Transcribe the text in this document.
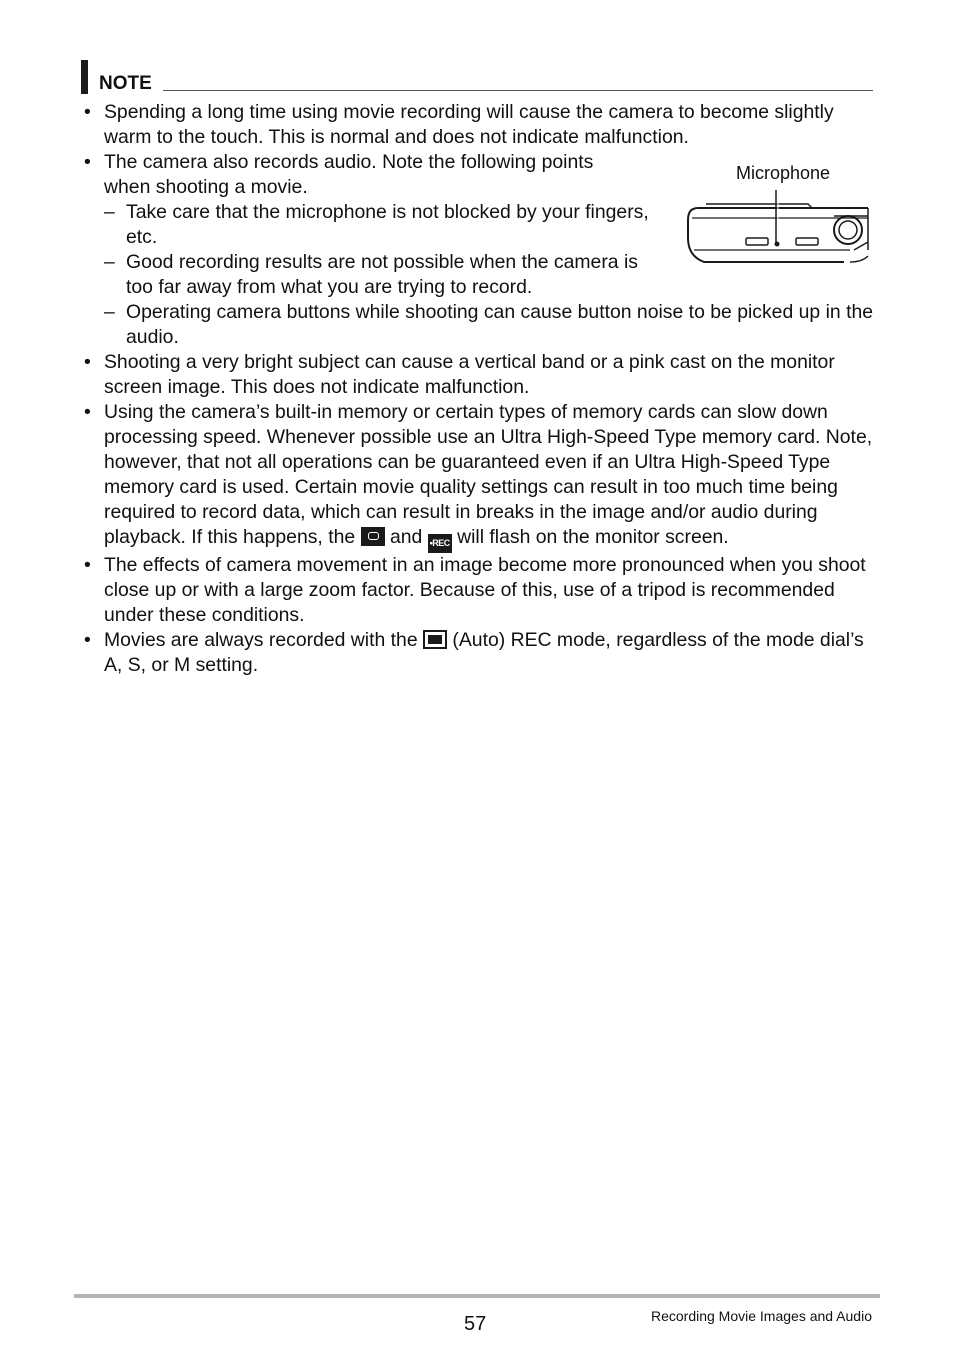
NOTE
Microphone
• Spending a long time using movie recording will cause the camera to become slightly warm to the touch. This is normal and does not indicate malfunction.
• The camera also records audio. Note the following points when shooting a movie.
– Take care that the microphone is not blocked by your fingers, etc.
– Good recording results are not possible when the camera is too far away from what you are trying to record.
– Operating camera buttons while shooting can cause button noise to be picked up in the audio.
• Shooting a very bright subject can cause a vertical band or a pink cast on the monitor screen image. This does not indicate malfunction.
• Using the camera’s built-in memory or certain types of memory cards can slow down processing speed. Whenever possible use an Ultra High-Speed Type memory card. Note, however, that not all operations can be guaranteed even if an Ultra High-Speed Type memory card is used. Certain movie quality settings can result in too much time being required to record data, which can result in breaks in the image and/or audio during playback. If this happens, the  and •REC will flash on the monitor screen.
• The effects of camera movement in an image become more pronounced when you shoot close up or with a large zoom factor. Because of this, use of a tripod is recommended under these conditions.
• Movies are always recorded with the  (Auto) REC mode, regardless of the mode dial’s A, S, or M setting.
57	Recording Movie Images and Audio
